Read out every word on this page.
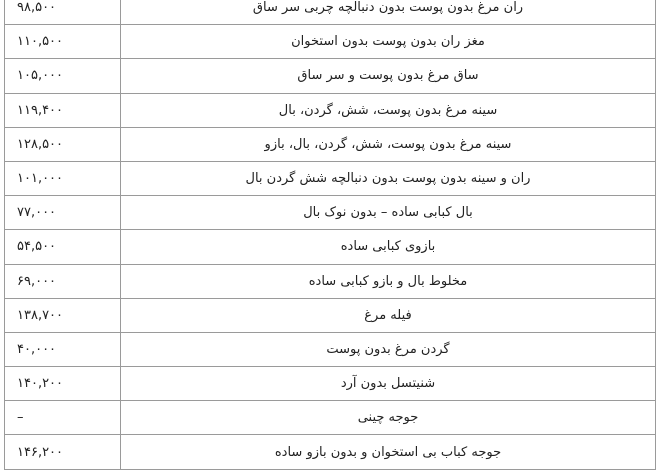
۹۸,۵۰۰	ران مرغ بدون پوست بدون دنبالچه چربی سر ساق
۱۱۰,۵۰۰	مغز ران بدون پوست بدون استخوان
۱۰۵,۰۰۰	ساق مرغ بدون پوست و سر ساق
۱۱۹,۴۰۰	سینه مرغ بدون پوست، شش، گردن، بال
۱۲۸,۵۰۰	سینه مرغ بدون پوست، شش، گردن، بال، بازو
۱۰۱,۰۰۰	ران و سینه بدون پوست بدون دنبالچه شش گردن بال
۷۷,۰۰۰	بال کبابی ساده – بدون نوک بال
۵۴,۵۰۰	بازوی کبابی ساده
۶۹,۰۰۰	مخلوط بال و بازو کبابی ساده
۱۳۸,۷۰۰	فیله مرغ
۴۰,۰۰۰	گردن مرغ بدون پوست
۱۴۰,۲۰۰	شنیتسل بدون آرد
–	جوجه چینی
۱۴۶,۲۰۰	جوجه کباب بی استخوان و بدون بازو ساده
